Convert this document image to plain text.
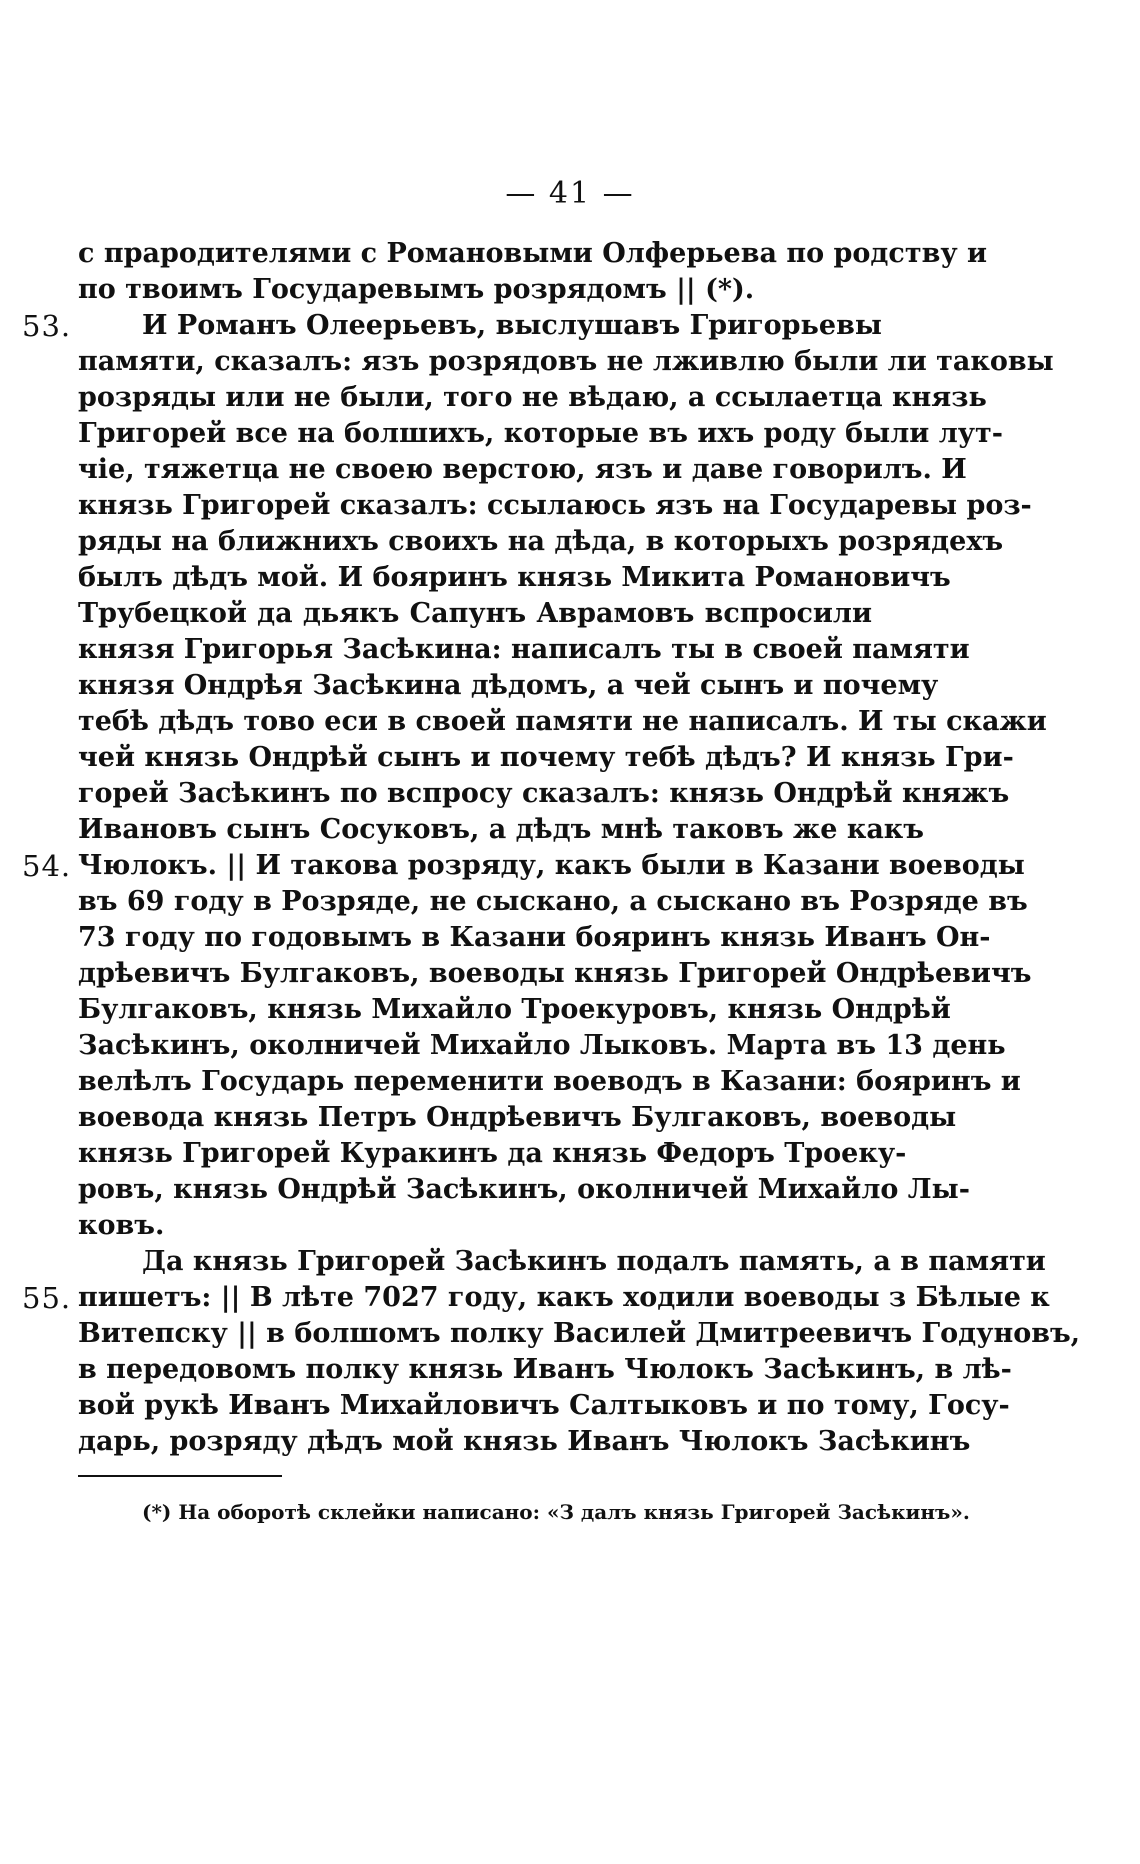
— 41 —
с прародителями с Романовыми Олферьева по родству и
по твоимъ Государевымъ розрядомъ || (*).
53.	И Романъ Олеерьевъ, выслушавъ Григорьевы
памяти, сказалъ: язъ розрядовъ не лживлю были ли таковы
розряды или не были, того не вѣдаю, а ссылаетца князь
Григорей все на болшихъ, которые въ ихъ роду были лут-
чіе, тяжетца не своею верстою, язъ и даве говорилъ. И
князь Григорей сказалъ: ссылаюсь язъ на Государевы роз-
ряды на ближнихъ своихъ на дѣда, в которыхъ розрядехъ
былъ дѣдъ мой. И бояринъ князь Микита Романовичъ
Трубецкой да дьякъ Сапунъ Аврамовъ вспросили
князя Григорья Засѣкина: написалъ ты в своей памяти
князя Ондрѣя Засѣкина дѣдомъ, а чей сынъ и почему
тебѣ дѣдъ тово еси в своей памяти не написалъ. И ты скажи
чей князь Ондрѣй сынъ и почему тебѣ дѣдъ? И князь Гри-
горей Засѣкинъ по вспросу сказалъ: князь Ондрѣй княжъ
Ивановъ сынъ Сосуковъ, а дѣдъ мнѣ таковъ же какъ
54. Чюлокъ. || И такова розряду, какъ были в Казани воеводы
въ 69 году в Розряде, не сыскано, а сыскано въ Розряде въ
73 году по годовымъ в Казани бояринъ князь Иванъ Он-
дрѣевичъ Булгаковъ, воеводы князь Григорей Ондрѣевичъ
Булгаковъ, князь Михайло Троекуровъ, князь Ондрѣй
Засѣкинъ, околничей Михайло Лыковъ. Марта въ 13 день
велѣлъ Государь переменити воеводъ в Казани: бояринъ и
воевода князь Петръ Ондрѣевичъ Булгаковъ, воеводы
князь Григорей Куракинъ да князь Федоръ Троеку-
ровъ, князь Ондрѣй Засѣкинъ, околничей Михайло Лы-
ковъ.
Да князь Григорей Засѣкинъ подалъ память, а в памяти
55. пишетъ: || В лѣте 7027 году, какъ ходили воеводы з Бѣлые к
Витепску || в болшомъ полку Василей Дмитреевичъ Годуновъ,
в передовомъ полку князь Иванъ Чюлокъ Засѣкинъ, в лѣ-
вой рукѣ Иванъ Михайловичъ Салтыковъ и по тому, Госу-
дарь, розряду дѣдъ мой князь Иванъ Чюлокъ Засѣкинъ
(*) На оборотѣ склейки написано: «З далъ князь Григорей Засѣкинъ».
